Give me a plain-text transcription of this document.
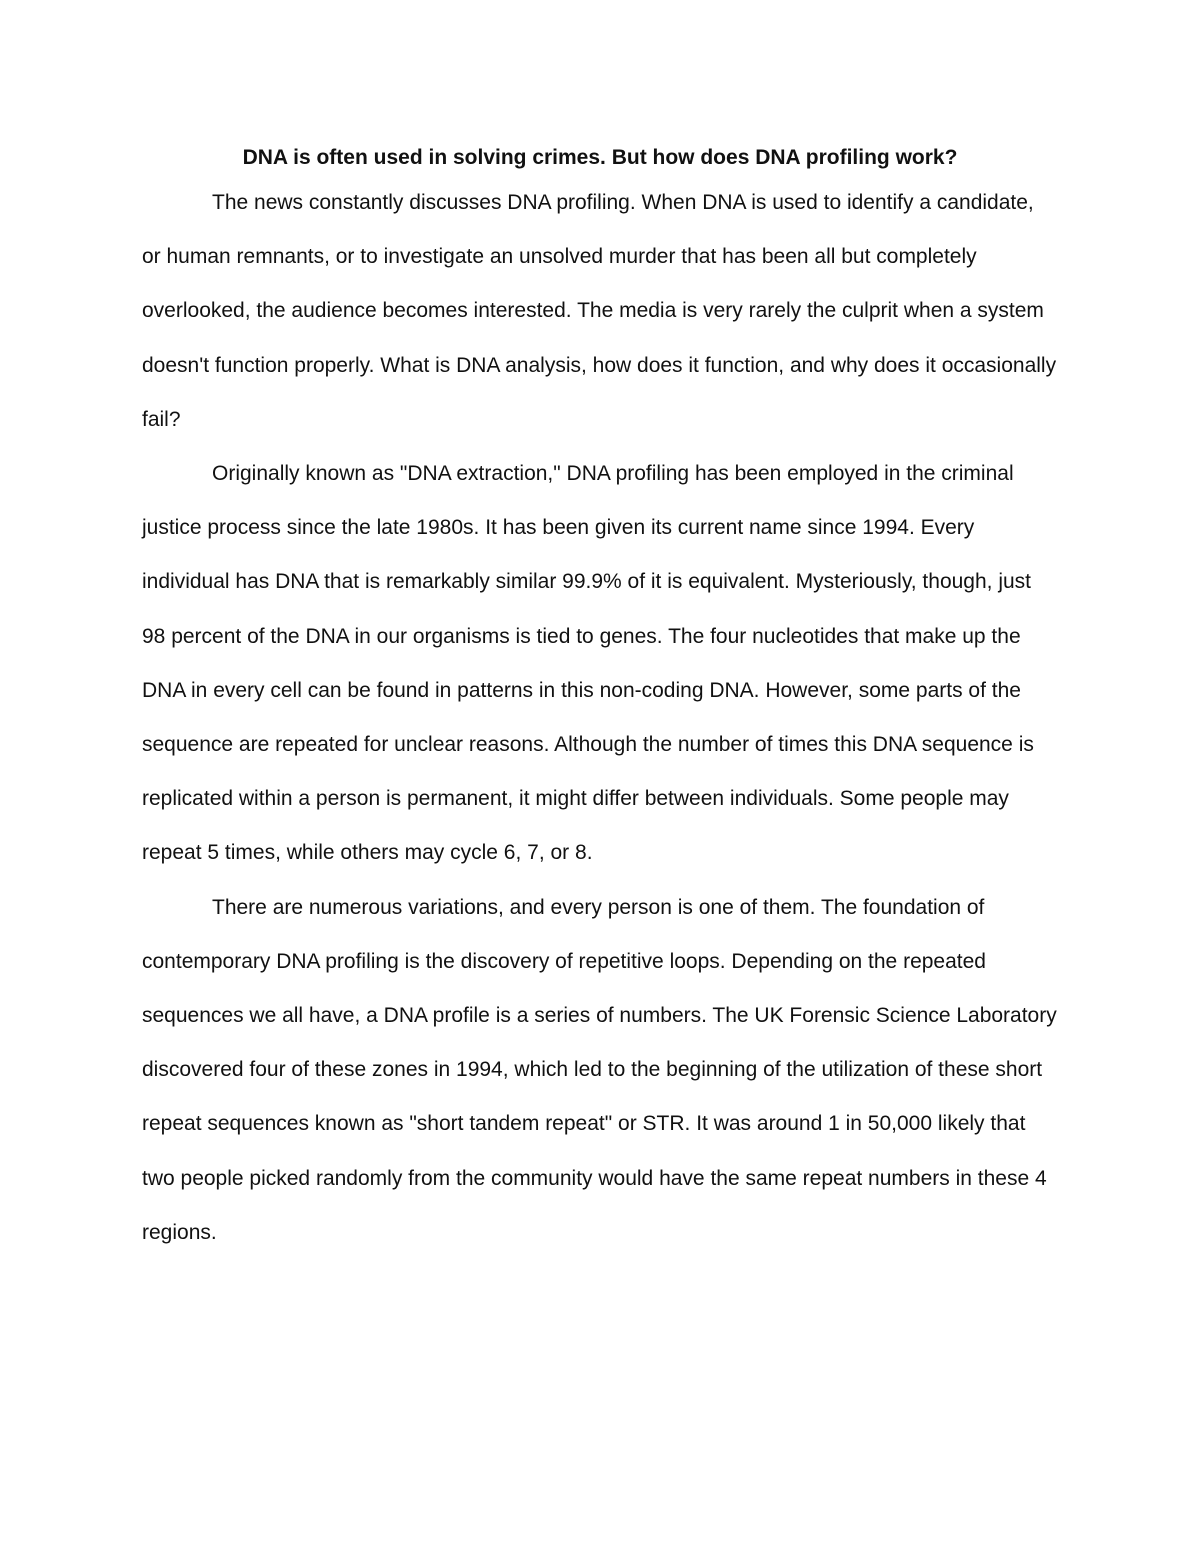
DNA is often used in solving crimes. But how does DNA profiling work?

The news constantly discusses DNA profiling. When DNA is used to identify a candidate, or human remnants, or to investigate an unsolved murder that has been all but completely overlooked, the audience becomes interested. The media is very rarely the culprit when a system doesn't function properly. What is DNA analysis, how does it function, and why does it occasionally fail?

Originally known as "DNA extraction," DNA profiling has been employed in the criminal justice process since the late 1980s. It has been given its current name since 1994. Every individual has DNA that is remarkably similar 99.9% of it is equivalent. Mysteriously, though, just 98 percent of the DNA in our organisms is tied to genes. The four nucleotides that make up the DNA in every cell can be found in patterns in this non-coding DNA. However, some parts of the sequence are repeated for unclear reasons. Although the number of times this DNA sequence is replicated within a person is permanent, it might differ between individuals. Some people may repeat 5 times, while others may cycle 6, 7, or 8.

There are numerous variations, and every person is one of them. The foundation of contemporary DNA profiling is the discovery of repetitive loops. Depending on the repeated sequences we all have, a DNA profile is a series of numbers. The UK Forensic Science Laboratory discovered four of these zones in 1994, which led to the beginning of the utilization of these short repeat sequences known as "short tandem repeat" or STR. It was around 1 in 50,000 likely that two people picked randomly from the community would have the same repeat numbers in these 4 regions.
